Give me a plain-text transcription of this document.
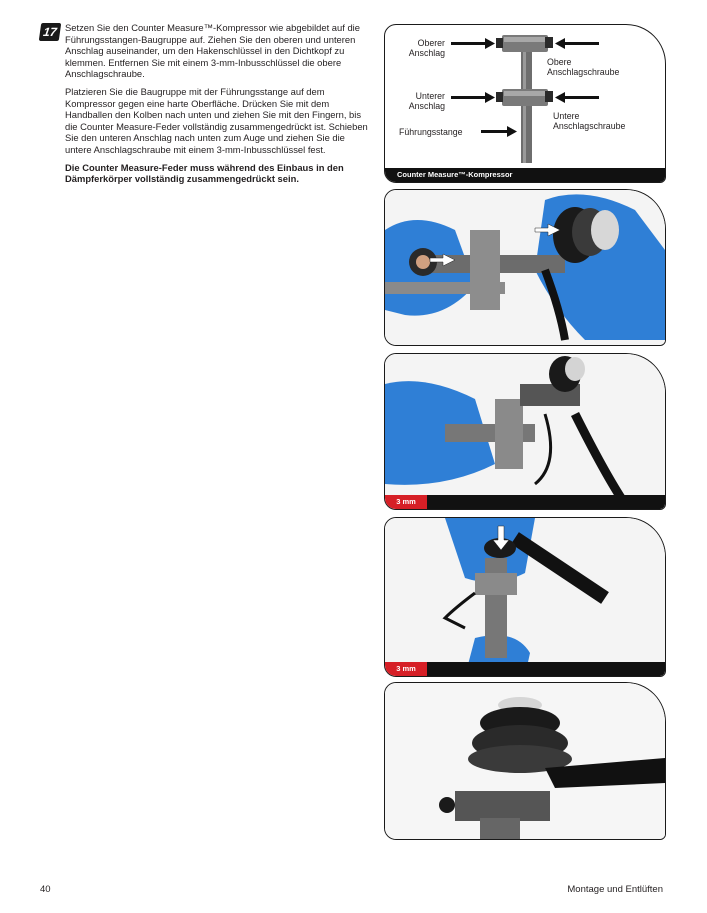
17 Setzen Sie den Counter Measure™-Kompressor wie abgebildet auf die Führungsstangen-Baugruppe auf. Ziehen Sie den oberen und unteren Anschlag auseinander, um den Hakenschlüssel in den Dichtkopf zu klemmen. Entfernen Sie mit einem 3-mm-Inbusschlüssel die obere Anschlagschraube.

Platzieren Sie die Baugruppe mit der Führungsstange auf dem Kompressor gegen eine harte Oberfläche. Drücken Sie mit dem Handballen den Kolben nach unten und ziehen Sie mit den Fingern, bis die Counter Measure-Feder vollständig zusammengedrückt ist. Schieben Sie den unteren Anschlag nach unten zum Auge und ziehen Sie die untere Anschlagschraube mit einem 3-mm-Inbusschlüssel fest.

Die Counter Measure-Feder muss während des Einbaus in den Dämpferkörper vollständig zusammengedrückt sein.

Oberer
Anschlag
Obere
Anschlagschraube
Unterer
Anschlag
Untere
Anschlagschraube
Führungsstange
Counter Measure™-Kompressor
3 mm
3 mm
40	Montage und Entlüften
